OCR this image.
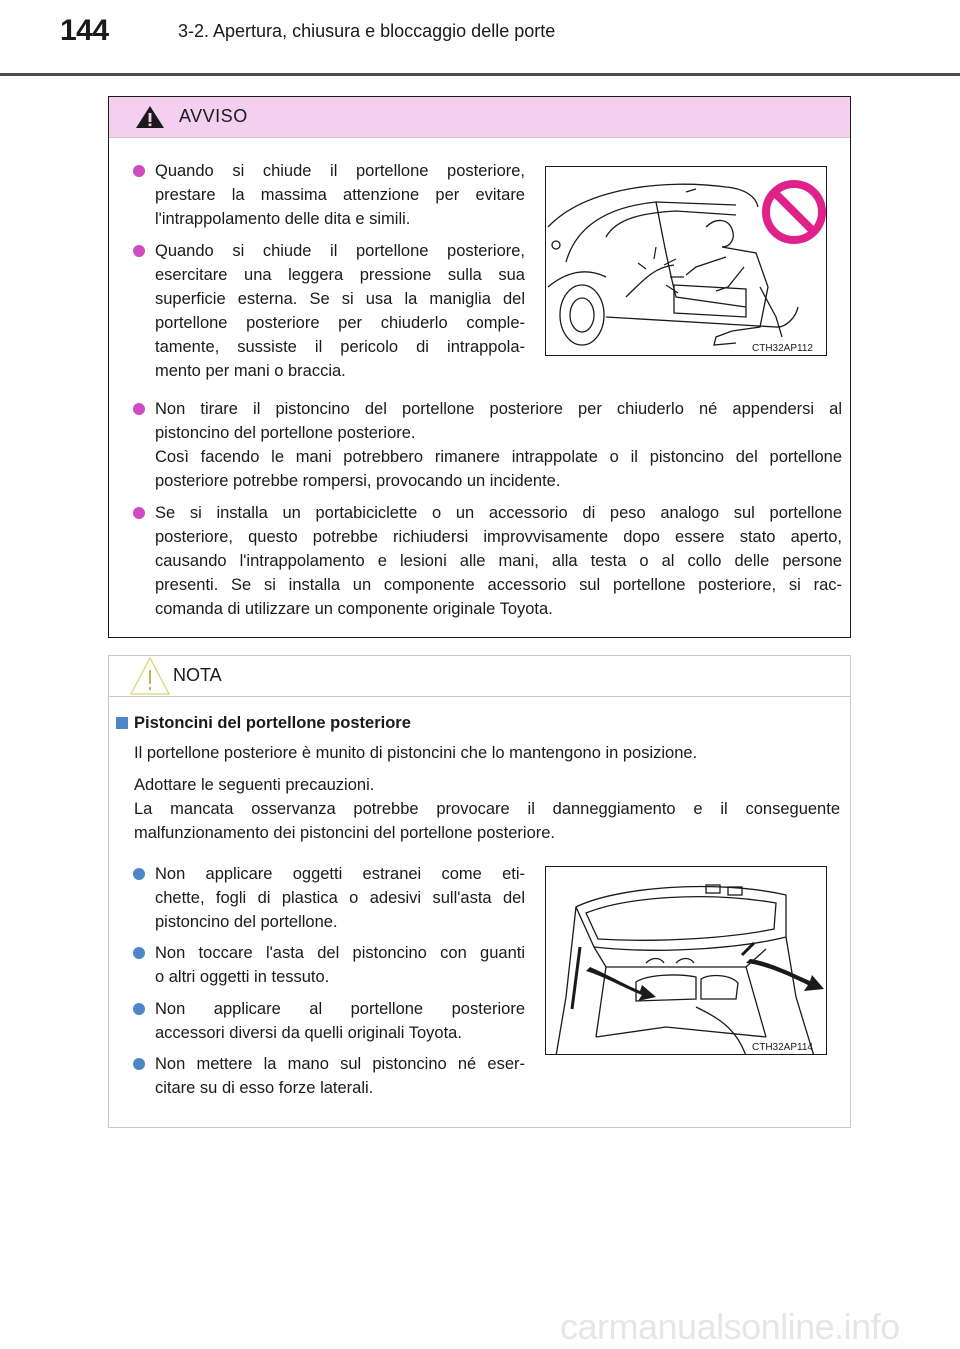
144	3-2. Apertura, chiusura e bloccaggio delle porte
AVVISO
Quando si chiude il portellone posteriore,
prestare la massima attenzione per evitare
l'intrappolamento delle dita e simili.
Quando si chiude il portellone posteriore,
esercitare una leggera pressione sulla sua
superficie esterna. Se si usa la maniglia del
portellone posteriore per chiuderlo comple-
tamente, sussiste il pericolo di intrappola-
mento per mani o braccia.
CTH32AP112
Non tirare il pistoncino del portellone posteriore per chiuderlo né appendersi al
pistoncino del portellone posteriore.
Così facendo le mani potrebbero rimanere intrappolate o il pistoncino del portellone
posteriore potrebbe rompersi, provocando un incidente.
Se si installa un portabiciclette o un accessorio di peso analogo sul portellone
posteriore, questo potrebbe richiudersi improvvisamente dopo essere stato aperto,
causando l'intrappolamento e lesioni alle mani, alla testa o al collo delle persone
presenti. Se si installa un componente accessorio sul portellone posteriore, si rac-
comanda di utilizzare un componente originale Toyota.
NOTA
Pistoncini del portellone posteriore
Il portellone posteriore è munito di pistoncini che lo mantengono in posizione.
Adottare le seguenti precauzioni.
La mancata osservanza potrebbe provocare il danneggiamento e il conseguente
malfunzionamento dei pistoncini del portellone posteriore.
Non applicare oggetti estranei come eti-
chette, fogli di plastica o adesivi sull'asta del
pistoncino del portellone.
Non toccare l'asta del pistoncino con guanti
o altri oggetti in tessuto.
Non applicare al portellone posteriore
accessori diversi da quelli originali Toyota.
Non mettere la mano sul pistoncino né eser-
citare su di esso forze laterali.
CTH32AP114
carmanualsonline.info
